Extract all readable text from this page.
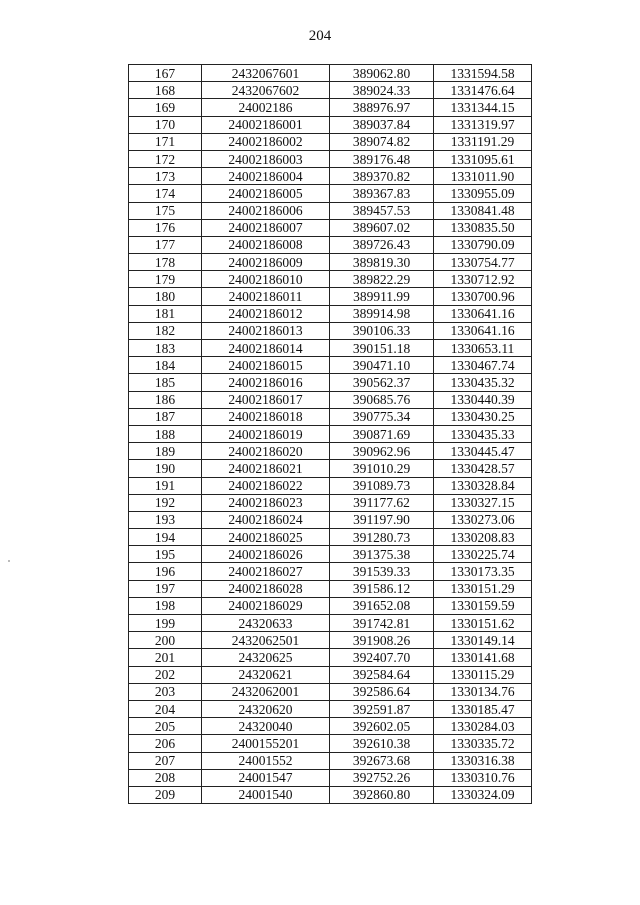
204
167	2432067601	389062.80	1331594.58
168	2432067602	389024.33	1331476.64
169	24002186	388976.97	1331344.15
170	24002186001	389037.84	1331319.97
171	24002186002	389074.82	1331191.29
172	24002186003	389176.48	1331095.61
173	24002186004	389370.82	1331011.90
174	24002186005	389367.83	1330955.09
175	24002186006	389457.53	1330841.48
176	24002186007	389607.02	1330835.50
177	24002186008	389726.43	1330790.09
178	24002186009	389819.30	1330754.77
179	24002186010	389822.29	1330712.92
180	24002186011	389911.99	1330700.96
181	24002186012	389914.98	1330641.16
182	24002186013	390106.33	1330641.16
183	24002186014	390151.18	1330653.11
184	24002186015	390471.10	1330467.74
185	24002186016	390562.37	1330435.32
186	24002186017	390685.76	1330440.39
187	24002186018	390775.34	1330430.25
188	24002186019	390871.69	1330435.33
189	24002186020	390962.96	1330445.47
190	24002186021	391010.29	1330428.57
191	24002186022	391089.73	1330328.84
192	24002186023	391177.62	1330327.15
193	24002186024	391197.90	1330273.06
194	24002186025	391280.73	1330208.83
195	24002186026	391375.38	1330225.74
196	24002186027	391539.33	1330173.35
197	24002186028	391586.12	1330151.29
198	24002186029	391652.08	1330159.59
199	24320633	391742.81	1330151.62
200	2432062501	391908.26	1330149.14
201	24320625	392407.70	1330141.68
202	24320621	392584.64	1330115.29
203	2432062001	392586.64	1330134.76
204	24320620	392591.87	1330185.47
205	24320040	392602.05	1330284.03
206	2400155201	392610.38	1330335.72
207	24001552	392673.68	1330316.38
208	24001547	392752.26	1330310.76
209	24001540	392860.80	1330324.09
